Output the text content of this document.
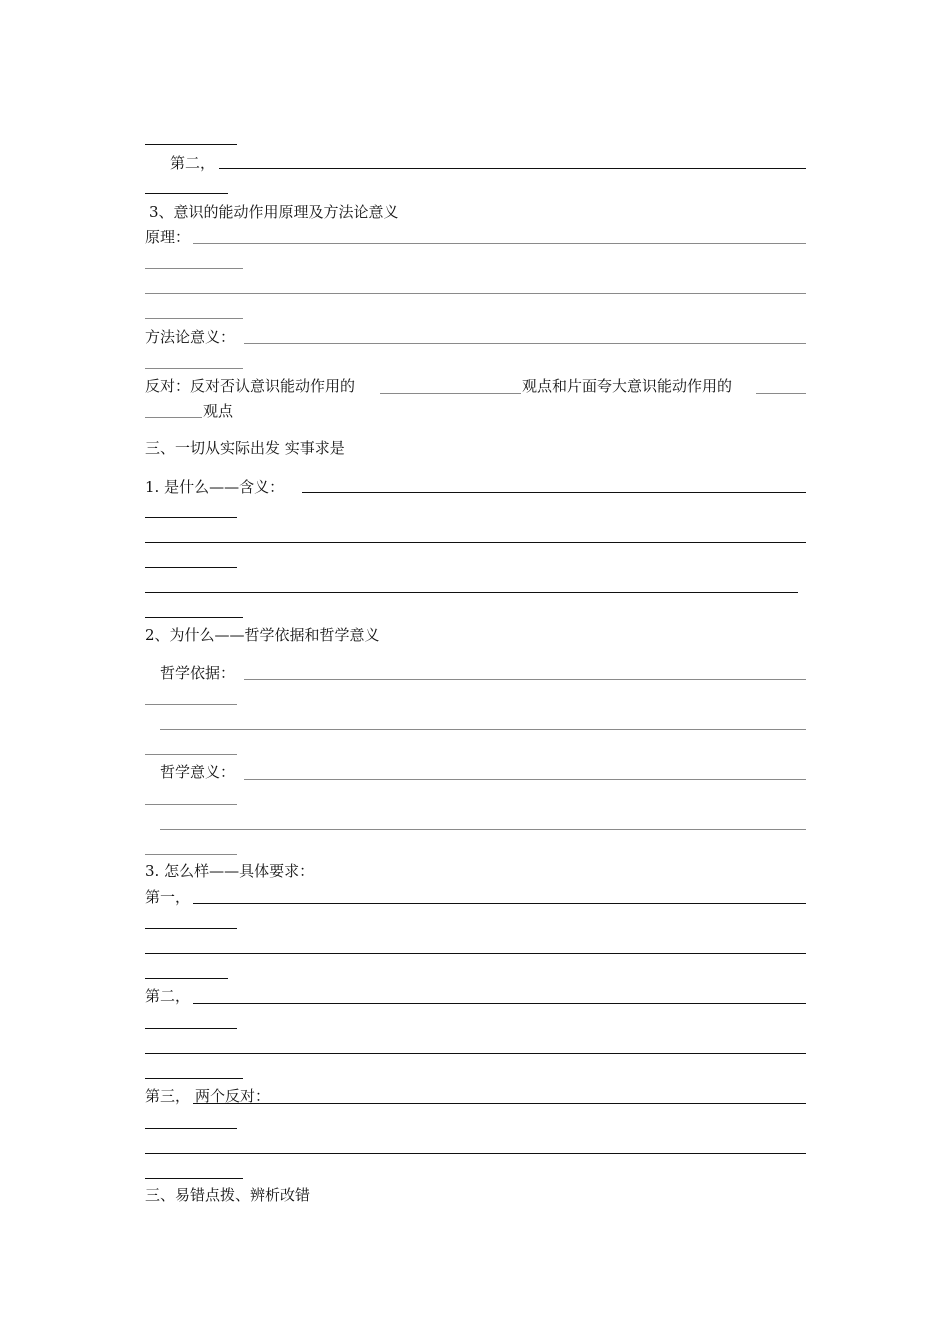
第二，
3、意识的能动作用原理及方法论意义
原理：
方法论意义：
反对：反对否认意识能动作用的	观点和片面夸大意识能动作用的
观点
三、一切从实际出发 实事求是
1. 是什么——含义：
2、为什么——哲学依据和哲学意义
哲学依据：
哲学意义：
3. 怎么样——具体要求：
第一，
第二，
第三， 两个反对：
三、易错点拨、辨析改错
